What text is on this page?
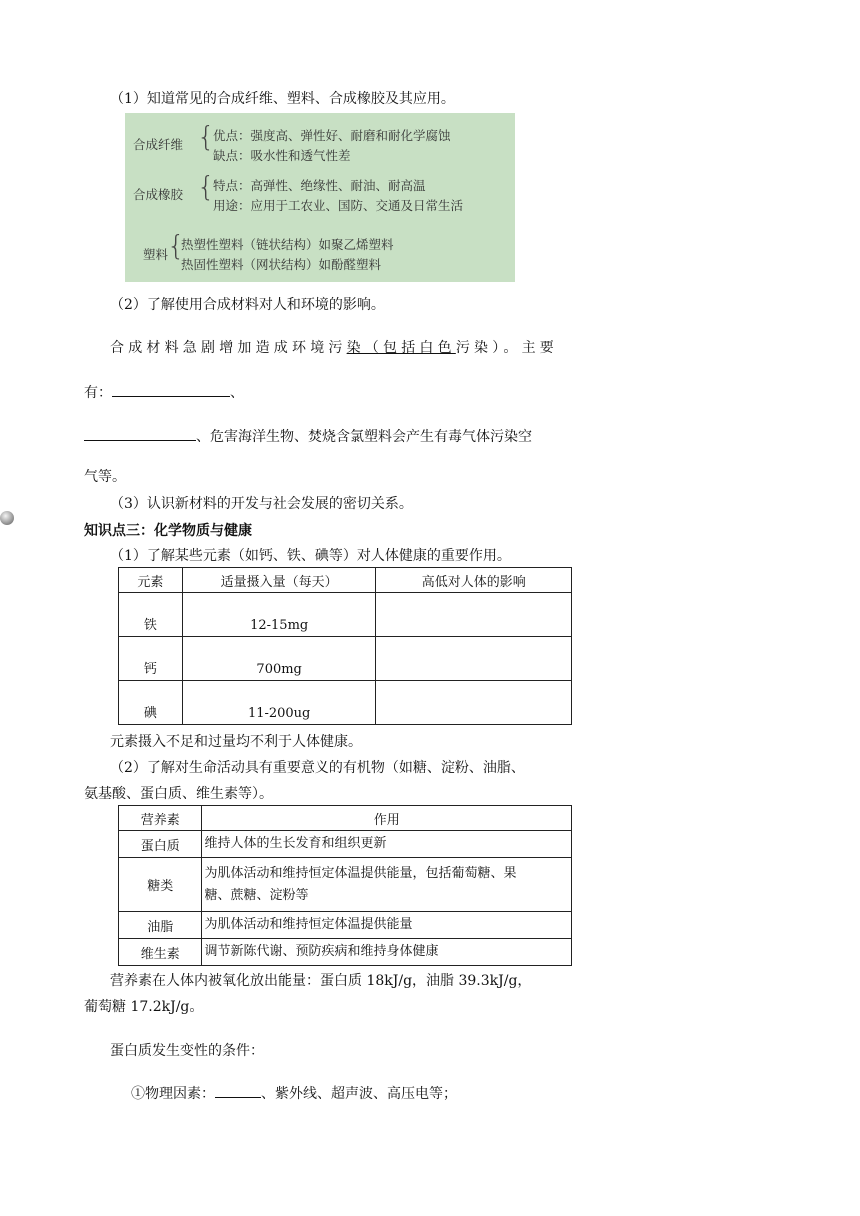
（1）知道常见的合成纤维、塑料、合成橡胶及其应用。
合成纤维 {
优点：强度高、弹性好、耐磨和耐化学腐蚀
缺点：吸水性和透气性差
合成橡胶 {
特点：高弹性、绝缘性、耐油、耐高温
用途：应用于工农业、国防、交通及日常生活
塑料
{
热塑性塑料（链状结构）如聚乙烯塑料
热固性塑料（网状结构）如酚醛塑料
（2）了解使用合成材料对人和环境的影响。
合成材料急剧增加造成环境污染（包括白色污染）。主要
有：	、
、危害海洋生物、焚烧含氯塑料会产生有毒气体污染空
气等。
（3）认识新材料的开发与社会发展的密切关系。
知识点三：化学物质与健康
（1）了解某些元素（如钙、铁、碘等）对人体健康的重要作用。
元素	适量摄入量（每天）	高低对人体的影响
铁	12-15mg	
钙	700mg	
碘	11-200ug	
元素摄入不足和过量均不利于人体健康。
（2）了解对生命活动具有重要意义的有机物（如糖、淀粉、油脂、
氨基酸、蛋白质、维生素等）。
营养素	作用
蛋白质	维持人体的生长发育和组织更新
糖类	为肌体活动和维持恒定体温提供能量，包括葡萄糖、果
糖、蔗糖、淀粉等

油脂	为肌体活动和维持恒定体温提供能量
维生素	调节新陈代谢、预防疾病和维持身体健康
营养素在人体内被氧化放出能量：蛋白质 18kJ/g，油脂 39.3kJ/g，
葡萄糖 17.2kJ/g。
蛋白质发生变性的条件：
①物理因素：	、紫外线、超声波、高压电等；
